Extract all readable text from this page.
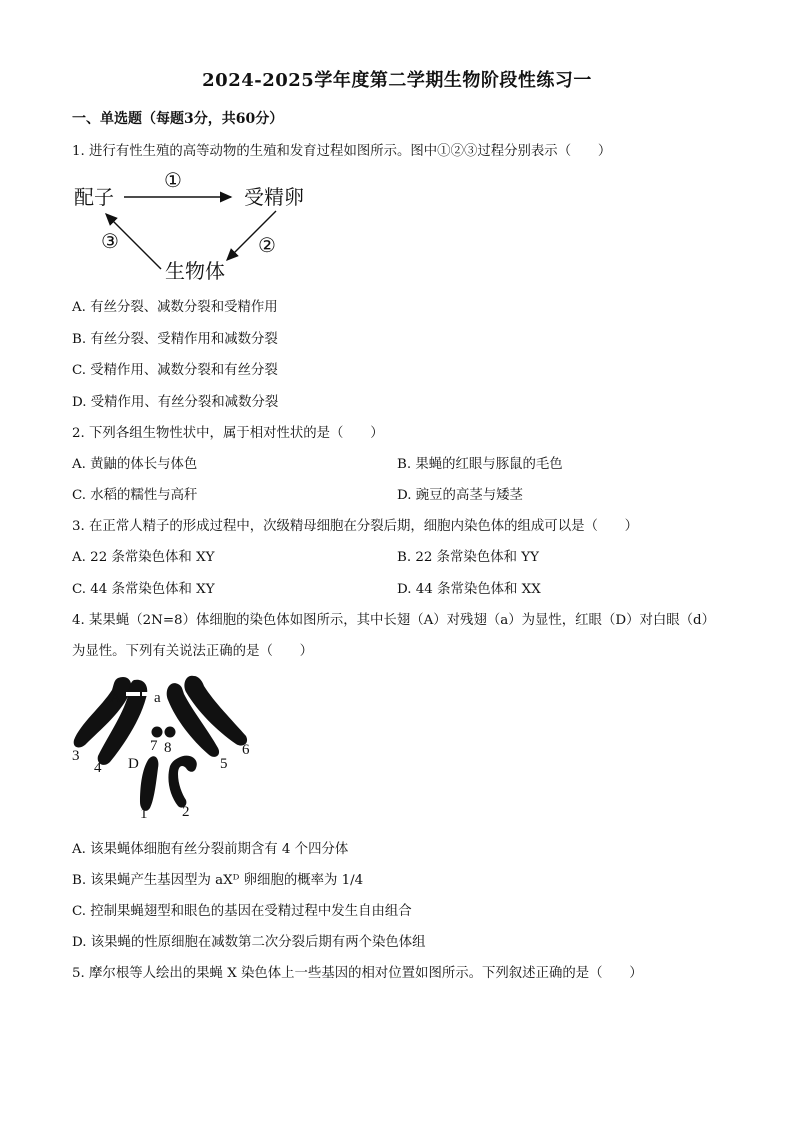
2024-2025学年度第二学期生物阶段性练习一
一、单选题（每题3分，共60分）
1. 进行有性生殖的高等动物的生殖和发育过程如图所示。图中①②③过程分别表示（　　）
配子	受精卵
生物体
①
②
③
A. 有丝分裂、减数分裂和受精作用
B. 有丝分裂、受精作用和减数分裂
C. 受精作用、减数分裂和有丝分裂
D. 受精作用、有丝分裂和减数分裂
2. 下列各组生物性状中，属于相对性状的是（　　）
A. 黄鼬的体长与体色	B. 果蝇的红眼与豚鼠的毛色
C. 水稻的糯性与高秆	D. 豌豆的高茎与矮茎
3. 在正常人精子的形成过程中，次级精母细胞在分裂后期，细胞内染色体的组成可以是（　　）
A. 22 条常染色体和 XY	B. 22 条常染色体和 YY
C. 44 条常染色体和 XY	D. 44 条常染色体和 XX
4. 某果蝇（2N=8）体细胞的染色体如图所示，其中长翅（A）对残翅（a）为显性，红眼（D）对白眼（d）
为显性。下列有关说法正确的是（　　）
A a
D
1 2
3
4	5
6
7 8
A. 该果蝇体细胞有丝分裂前期含有 4 个四分体
B. 该果蝇产生基因型为 aXᴰ 卵细胞的概率为 1/4
C. 控制果蝇翅型和眼色的基因在受精过程中发生自由组合
D. 该果蝇的性原细胞在减数第二次分裂后期有两个染色体组
5. 摩尔根等人绘出的果蝇 X 染色体上一些基因的相对位置如图所示。下列叙述正确的是（　　）
